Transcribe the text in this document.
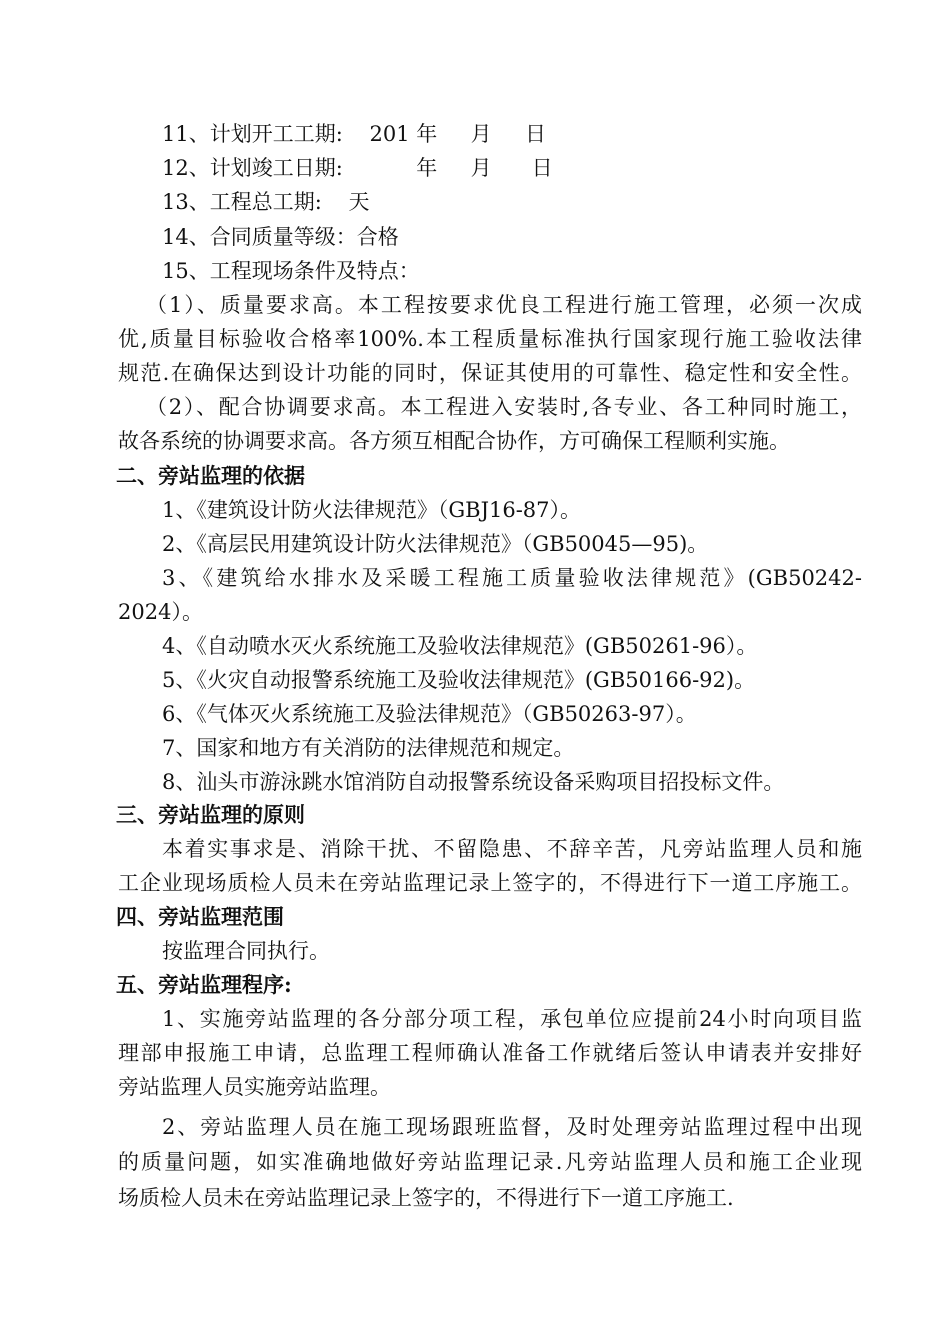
11、计划开工工期:    201 年     月     日
12、计划竣工日期:           年     月      日
13、工程总工期:    天
14、合同质量等级：合格
15、工程现场条件及特点：
（1）、质量要求高。本工程按要求优良工程进行施工管理，必须一次成
优,质量目标验收合格率100%.本工程质量标准执行国家现行施工验收法律
规范.在确保达到设计功能的同时，保证其使用的可靠性、稳定性和安全性。
（2）、配合协调要求高。本工程进入安装时,各专业、各工种同时施工，
故各系统的协调要求高。各方须互相配合协作，方可确保工程顺利实施。
二、旁站监理的依据
1、《建筑设计防火法律规范》（GBJ16-87）。
2、《高层民用建筑设计防火法律规范》（GB50045—95)。
3、《建筑给水排水及采暖工程施工质量验收法律规范》(GB50242-
2024）。
4、《自动喷水灭火系统施工及验收法律规范》(GB50261-96）。
5、《火灾自动报警系统施工及验收法律规范》(GB50166-92)。
6、《气体灭火系统施工及验法律规范》（GB50263-97）。
7、国家和地方有关消防的法律规范和规定。
8、汕头市游泳跳水馆消防自动报警系统设备采购项目招投标文件。
三、旁站监理的原则
本着实事求是、消除干扰、不留隐患、不辞辛苦，凡旁站监理人员和施
工企业现场质检人员未在旁站监理记录上签字的，不得进行下一道工序施工。
四、旁站监理范围
按监理合同执行。
五、旁站监理程序:
1、实施旁站监理的各分部分项工程，承包单位应提前24小时向项目监
理部申报施工申请，总监理工程师确认准备工作就绪后签认申请表并安排好
旁站监理人员实施旁站监理。
2、旁站监理人员在施工现场跟班监督，及时处理旁站监理过程中出现
的质量问题，如实准确地做好旁站监理记录.凡旁站监理人员和施工企业现
场质检人员未在旁站监理记录上签字的，不得进行下一道工序施工.
